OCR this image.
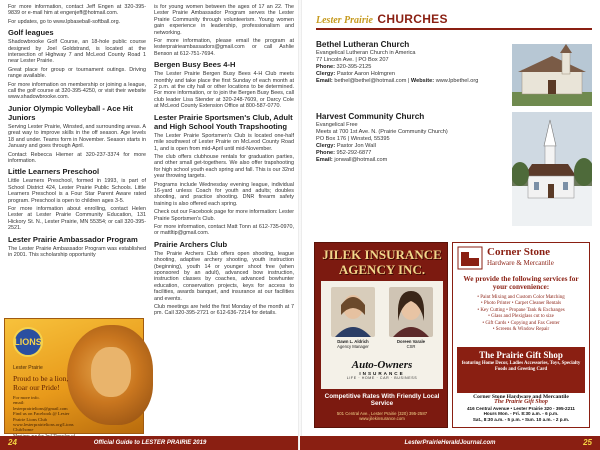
For more information, contact Jeff Engen at 320-395-9839 or e-mail him at engenjeff@hotmail.com.

For updates, go to www.lpbaseball-softball.org.

Golf leagues

Shadowbrooke Golf Course, an 18-hole public course designed by Joel Goldstrand, is located at the intersection of Highway 7 and McLeod County Road 1 near Lester Prairie.

Great place for group or tournament outings. Driving range available.

For more information on membership or joining a league, call the golf course at 320-395-4250, or visit their website www.shadowbrooke.com.

Junior Olympic Volleyball - Ace Hit Juniors

Serving Lester Prairie, Winsted, and surrounding areas. A great way to improve skills in the off season. Age levels 18 and under. Teams form in November. Season starts in January and goes through April.

Contact Rebecca Hiemer at 320-237-3374 for more information.

Little Learners Preschool

Little Learners Preschool, formed in 1993, is part of School District 424, Lester Prairie Public Schools. Little Learners Preschool is a Four Star Parent Aware rated program. Preschool is open to children ages 3-5.

For more information about enrolling, contact Helen Lester at Lester Prairie Community Education, 131 Hickory St. N., Lester Prairie, MN 55354; or call 320-395-2521.

Lester Prairie Ambassador Program

The Lester Prairie Ambassador Program was established in 2001. This scholarship opportunity

is for young women between the ages of 17 an 22. The Lester Prairie Ambassador Program serves the Lester Prairie Community through volunteerism. Young women gain experience in leadership, professionalism and networking.

For more information, please email the program at lesterprairieambassadors@gmail.com or call Ashlie Benson at 612-751-7694.

Bergen Busy Bees 4-H

The Lester Prairie Bergen Busy Bees 4-H Club meets monthly and take place the first Sunday of each month at 2 p.m. at the city hall or other locations to be determined. For more information, or to join the Bergen Busy Bees, call club leader Lisa Stender at 320-248-7609, or Darcy Cole at McLeod County Extension Office at 800-587-0770.

Lester Prairie Sportsmen's Club, Adult and High School Youth Trapshooting

The Lester Prairie Sportsmen's Club is located one-half mile southwest of Lester Prairie on McLeod County Road 1, and is open from mid-April until mid-November.

The club offers clubhouse rentals for graduation parties, and other small get-togethers. We also offer trapshooting for high school youth each spring and fall. This is our 32nd year throwing targets.

Programs include Wednesday evening league, individual 16-yard unless Coach for youth and adults; doubles shooting, and practice shooting. DNR firearm safety training is also offered each spring.

Check out our Facebook page for more information: Lester Prairie Sportsmen's Club.

For more information, contact Matt Tonn at 612-735-0970, or mattltip@gmail.com.

Prairie Archers Club

The Prairie Archers Club offers open shooting, league shooting, adaptive archery shooting, youth instruction (beginning), youth 14 or younger shoot free (when sponsored by an adult), advanced bow instruction, instruction classes by coaches, advanced bowhunter education, conservation projects, keys for access to facilities, awards banquet, and insurance at our facilities and events.

Club meetings are held the first Monday of the month at 7 pm. Call 320-395-2721 or 612-636-7214 for details.

LIONS
Lester Prairie
Proud to be a lion, Roar our Pride!
For more info.
email: lesterprairielions@gmail.com
Find us on Facebook @ Lester Prairie Lions Club
www.lesterprairielions.org/Lions Club/home
24	Official Guide to LESTER PRAIRIE 2019
Lester Prairie CHURCHES
Bethel Lutheran Church
Evangelical Lutheran Church in America
77 Lincoln Ave. | PO Box 207
Phone: 320-395-2125
Clergy: Pastor Aaron Holmgren
Email: bethel@bethel@hotmail.com | Website: www.lpbethel.org
Harvest Community Church
Evangelical Free
Meets at 700 1st Ave. N. (Prairie Community Church)
PO Box 176 | Winsted, 55395
Clergy: Pastor Jon Wall
Phone: 952-292-6877
Email: jonwall@hotmail.com
JILEK INSURANCE
AGENCY INC.
Dawn L. Aldrich
Agency Manager
Doreen Varale
CSR
Auto-Owners
INSURANCE
LIFE · HOME · CAR · BUSINESS
Competitive Rates With Friendly Local Service
501 Central Ave., Lester Prairie (320) 395-2587
www.jilekinsurance.com
Corner Stone
Hardware & Mercantile
We provide the following services for your convenience:
• Paint Mixing and Custom Color Matching
• Photo Printer • Carpet Cleaner Rentals
• Key Cutting • Propane Tank & Exchanges
• Glass and Plexiglass cut to size
• Gift Cards • Copying and Fax Center
• Screens & Window Repair
The Prairie Gift Shop
featuring Home Decor, Ladies Accessories, Toys, Specialty Foods and Greeting Card
Corner Stone Hardware and Mercantile
The Prairie Gift Shop
416 Central Avenue • Lester Prairie 320 - 395-2211
Hours Mon. - Fri. 8:30 a.m. - 6 p.m.
Sat., 8:30 a.m. - 5 p.m. • Sun. 10 a.m. - 2 p.m.
LesterPrairieHeraldJournal.com	25
